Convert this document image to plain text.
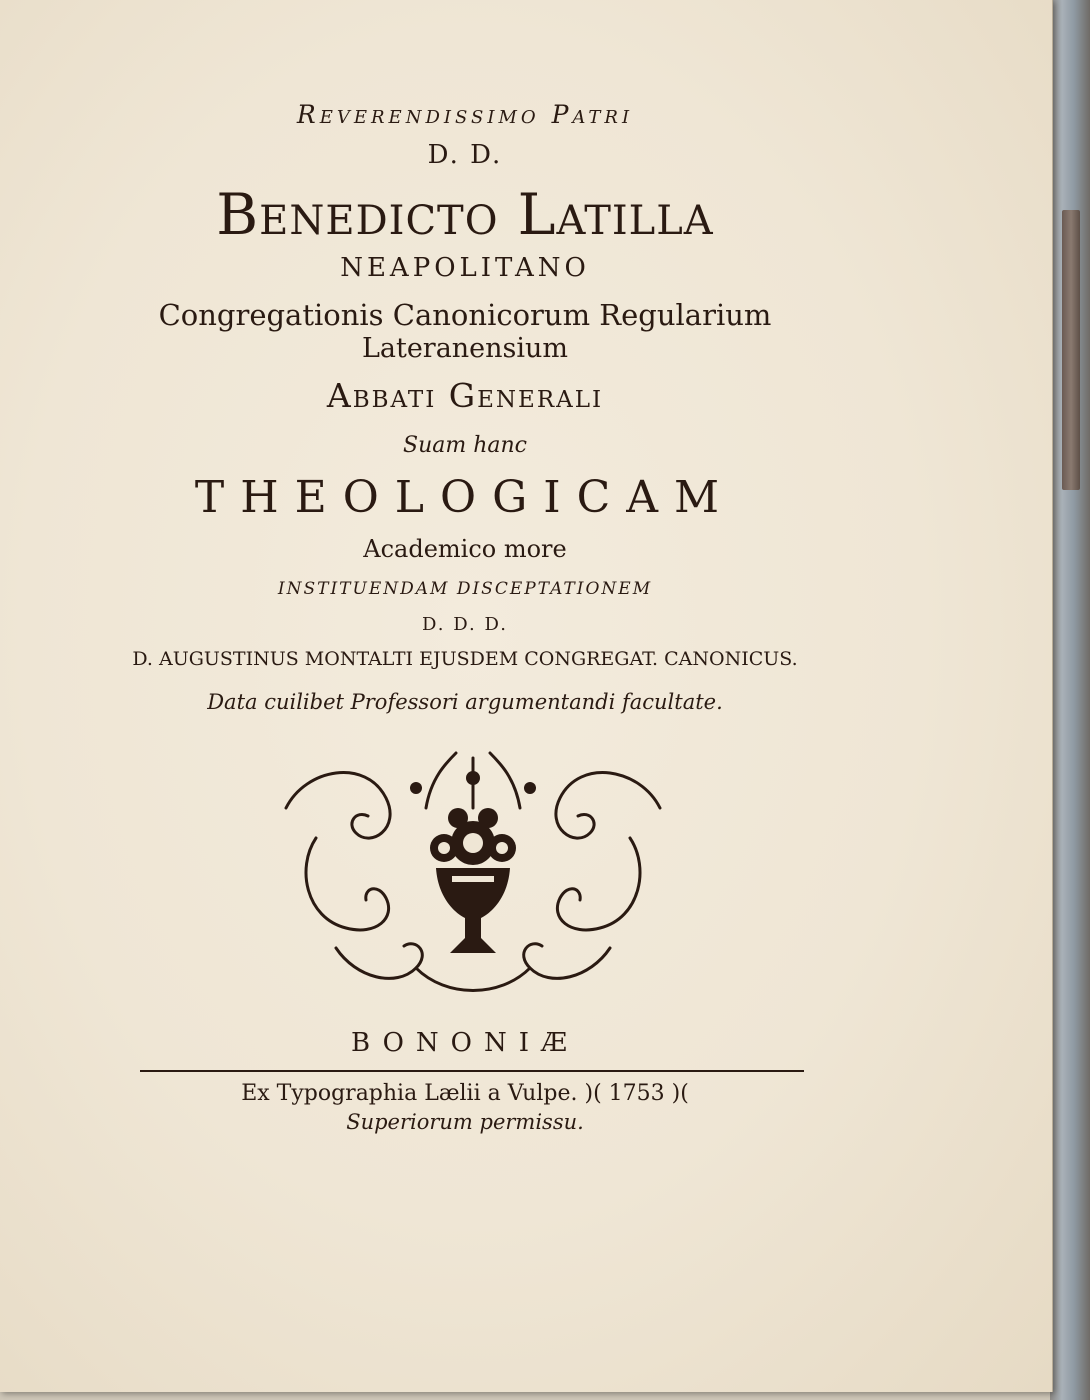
Reverendissimo Patri
D. D.
Benedicto Latilla
NEAPOLITANO
Congregationis Canonicorum Regularium
Lateranensium
Abbati Generali
Suam hanc
THEOLOGICAM
Academico more
INSTITUENDAM DISCEPTATIONEM
D. D. D.
D. AUGUSTINUS MONTALTI EJUSDEM CONGREGAT. CANONICUS.
Data cuilibet Professori argumentandi facultate.
BONONIÆ
Ex Typographia Lælii a Vulpe. )( 1753 )(
Superiorum permissu.
